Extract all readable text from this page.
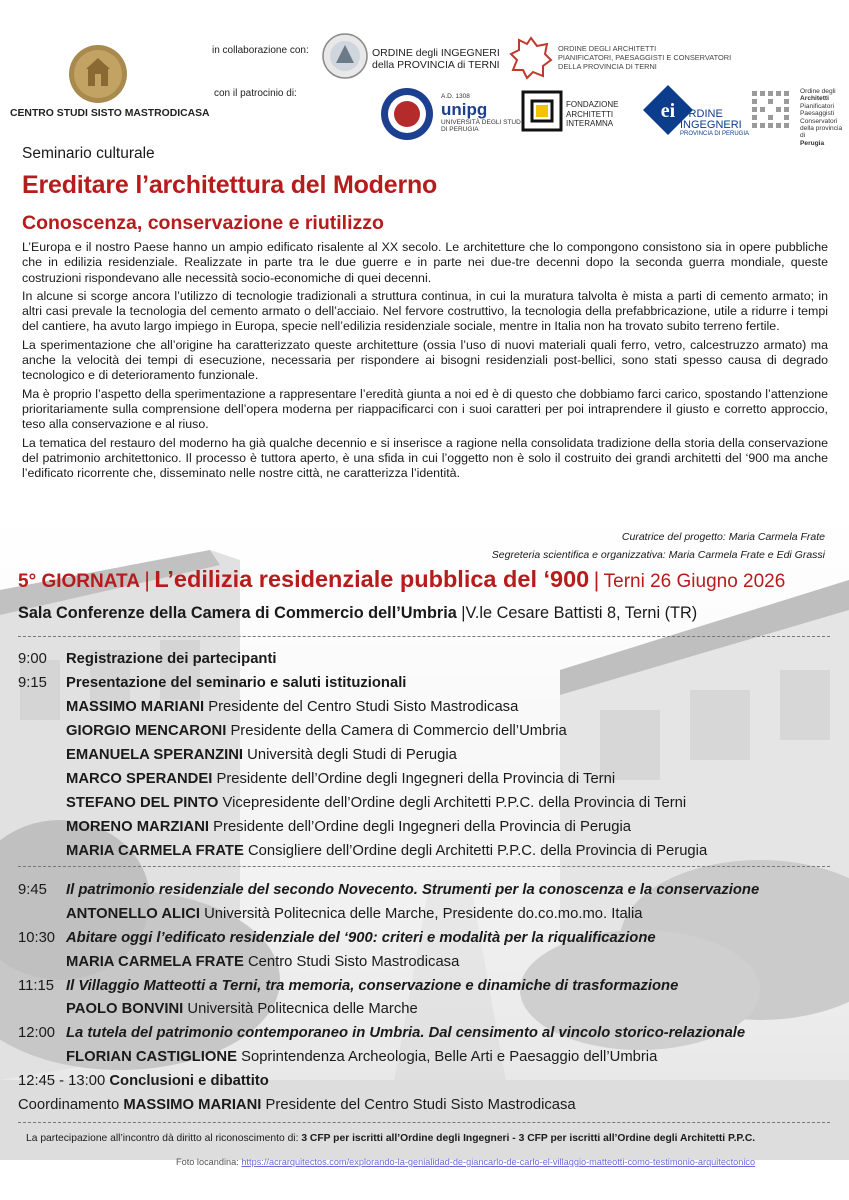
CENTRO STUDI SISTO MASTRODICASA
in collaborazione con:
con il patrocinio di:
ORDINE degli INGEGNERI
della PROVINCIA di TERNI
ORDINE DEGLI ARCHITETTI
PIANIFICATORI, PAESAGGISTI E CONSERVATORI
DELLA PROVINCIA DI TERNI
A.D. 1308
unipg
UNIVERSITÀ DEGLI STUDI
DI PERUGIA
FONDAZIONE
ARCHITETTI
INTERAMNA
ei ORDINE
INGEGNERI
PROVINCIA DI PERUGIA
Ordine degli
Architetti
Pianificatori
Paesaggisti
Conservatori
della provincia di
Perugia
Seminario culturale
Ereditare l’architettura del Moderno
Conoscenza, conservazione e riutilizzo

L’Europa e il nostro Paese hanno un ampio edificato risalente al XX secolo. Le architetture che lo compongono consistono sia in opere pubbliche che in edilizia residenziale. Realizzate in parte tra le due guerre e in parte nei due-tre decenni dopo la seconda guerra mondiale, queste costruzioni rispondevano alle necessità socio-economiche di quei decenni.

In alcune si scorge ancora l’utilizzo di tecnologie tradizionali a struttura continua, in cui la muratura talvolta è mista a parti di cemento armato; in altri casi prevale la tecnologia del cemento armato o dell’acciaio. Nel fervore costruttivo, la tecnologia della prefabbricazione, utile a ridurre i tempi del cantiere, ha avuto largo impiego in Europa, specie nell’edilizia residenziale sociale, mentre in Italia non ha trovato subito terreno fertile.

La sperimentazione che all’origine ha caratterizzato queste architetture (ossia l’uso di nuovi materiali quali ferro, vetro, calcestruzzo armato) ma anche la velocità dei tempi di esecuzione, necessaria per rispondere ai bisogni residenziali post-bellici, sono stati spesso causa di degrado tecnologico e di deterioramento funzionale.

Ma è proprio l’aspetto della sperimentazione a rappresentare l’eredità giunta a noi ed è di questo che dobbiamo farci carico, spostando l’attenzione prioritariamente sulla comprensione dell’opera moderna per riappacificarci con i suoi caratteri per poi intraprendere il giusto e corretto approccio, teso alla conservazione e al riuso.

La tematica del restauro del moderno ha già qualche decennio e si inserisce a ragione nella consolidata tradizione della storia della conservazione del patrimonio architettonico. Il processo è tuttora aperto, è una sfida in cui l’oggetto non è solo il costruito dei grandi architetti del ‘900 ma anche l’edificato ricorrente che, disseminato nelle nostre città, ne caratterizza l’identità.

Curatrice del progetto: Maria Carmela Frate
Segreteria scientifica e organizzativa: Maria Carmela Frate e Edi Grassi
5° GIORNATA | L’edilizia residenziale pubblica del ‘900 | Terni 26 Giugno 2026
Sala Conferenze della Camera di Commercio dell’Umbria |V.le Cesare Battisti 8, Terni (TR)
9:00 Registrazione dei partecipanti
9:15 Presentazione del seminario e saluti istituzionali
MASSIMO MARIANI Presidente del Centro Studi Sisto Mastrodicasa
GIORGIO MENCARONI Presidente della Camera di Commercio dell’Umbria
EMANUELA SPERANZINI Università degli Studi di Perugia
MARCO SPERANDEI Presidente dell’Ordine degli Ingegneri della Provincia di Terni
STEFANO DEL PINTO Vicepresidente dell’Ordine degli Architetti P.P.C. della Provincia di Terni
MORENO MARZIANI Presidente dell’Ordine degli Ingegneri della Provincia di Perugia
MARIA CARMELA FRATE Consigliere dell’Ordine degli Architetti P.P.C. della Provincia di Perugia
9:45 Il patrimonio residenziale del secondo Novecento. Strumenti per la conoscenza e la conservazione
ANTONELLO ALICI Università Politecnica delle Marche, Presidente do.co.mo.mo. Italia
10:30 Abitare oggi l’edificato residenziale del ‘900: criteri e modalità per la riqualificazione
MARIA CARMELA FRATE Centro Studi Sisto Mastrodicasa
11:15 Il Villaggio Matteotti a Terni, tra memoria, conservazione e dinamiche di trasformazione
PAOLO BONVINI Università Politecnica delle Marche
12:00 La tutela del patrimonio contemporaneo in Umbria. Dal censimento al vincolo storico-relazionale
FLORIAN CASTIGLIONE Soprintendenza Archeologia, Belle Arti e Paesaggio dell’Umbria
12:45 - 13:00 Conclusioni e dibattito
Coordinamento MASSIMO MARIANI Presidente del Centro Studi Sisto Mastrodicasa
La partecipazione all’incontro dà diritto al riconoscimento di: 3 CFP per iscritti all’Ordine degli Ingegneri - 3 CFP per iscritti all’Ordine degli Architetti P.P.C.
Foto locandina: https://acrarquitectos.com/explorando-la-genialidad-de-giancarlo-de-carlo-el-villaggio-matteotti-como-testimonio-arquitectonico
